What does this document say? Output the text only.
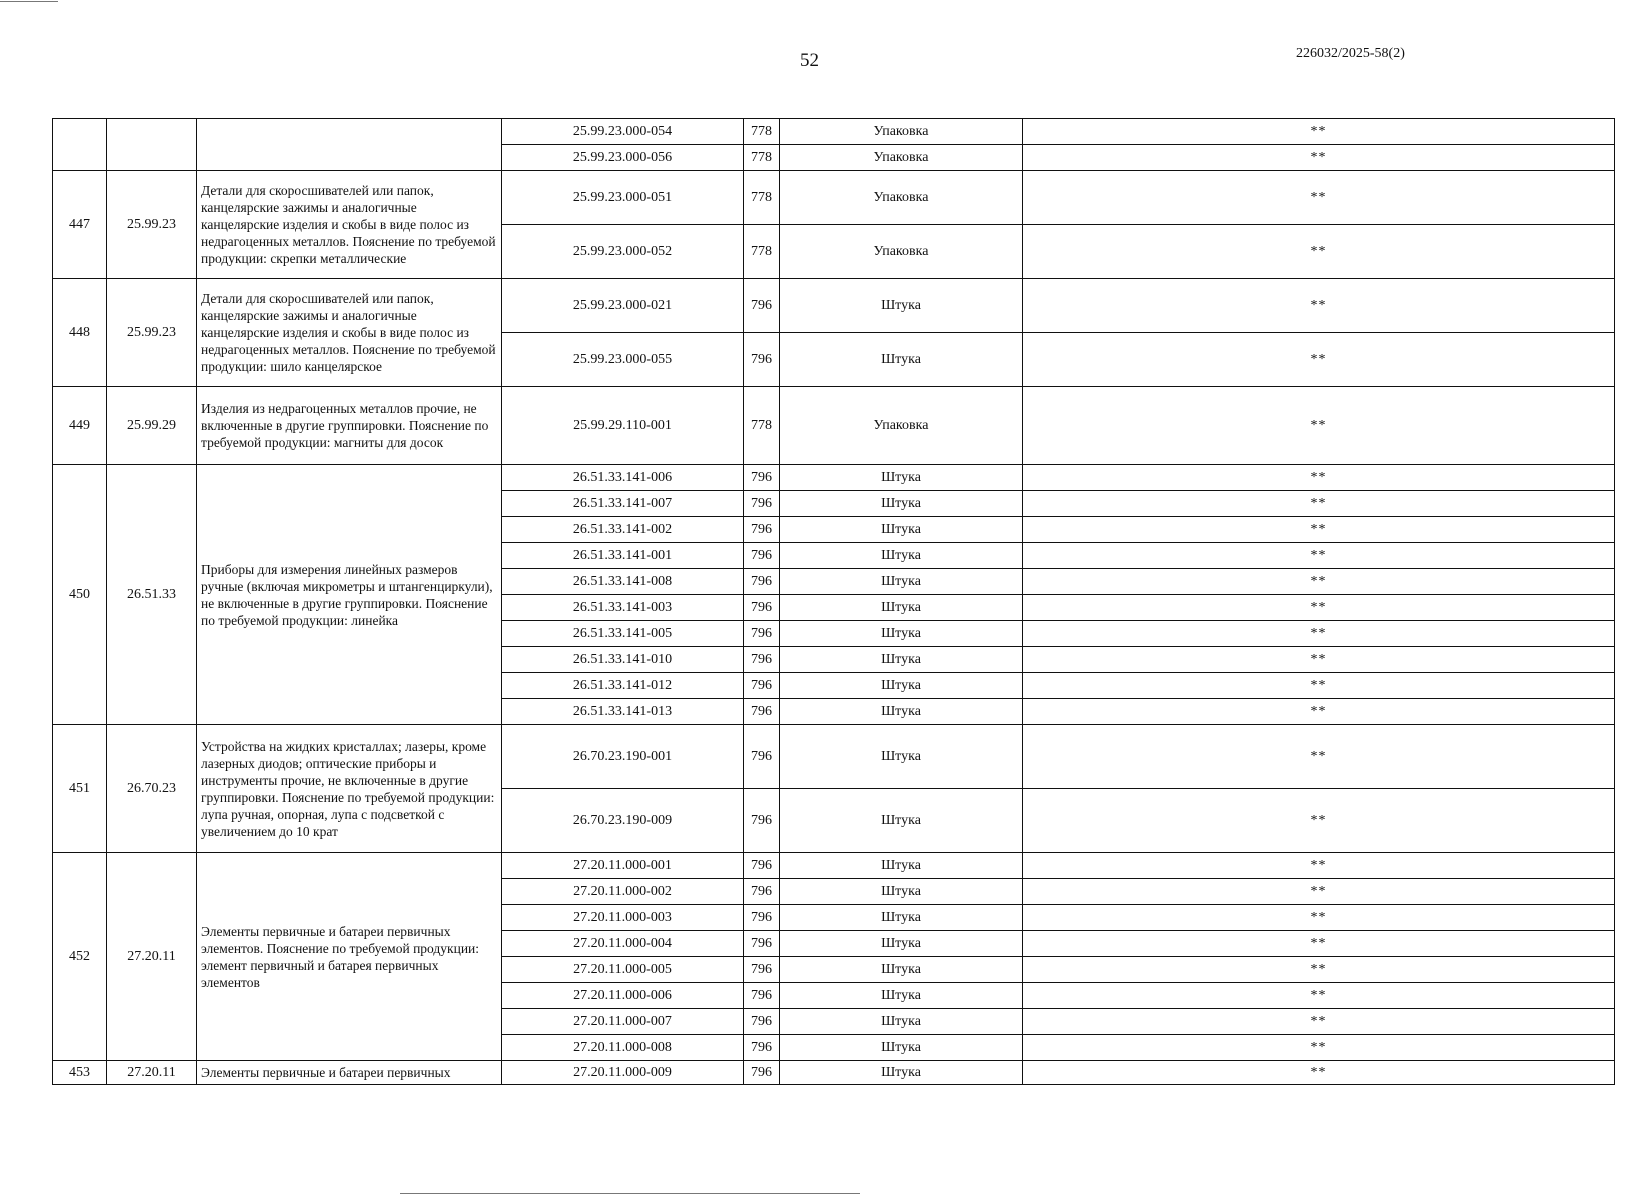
52	226032/2025-58(2)
			25.99.23.000-054	778	Упаковка	**
			25.99.23.000-056	778	Упаковка	**
447	25.99.23	Детали для скоросшивателей или папок, канцелярские зажимы и аналогичные канцелярские изделия и скобы в виде полос из недрагоценных металлов. Пояснение по требуемой продукции: скрепки металлические	25.99.23.000-051	778	Упаковка	**
			25.99.23.000-052	778	Упаковка	**
448	25.99.23	Детали для скоросшивателей или папок, канцелярские зажимы и аналогичные канцелярские изделия и скобы в виде полос из недрагоценных металлов. Пояснение по требуемой продукции: шило канцелярское	25.99.23.000-021	796	Штука	**
			25.99.23.000-055	796	Штука	**
449	25.99.29	Изделия из недрагоценных металлов прочие, не включенные в другие группировки. Пояснение по требуемой продукции: магниты для досок	25.99.29.110-001	778	Упаковка	**
450	26.51.33	Приборы для измерения линейных размеров ручные (включая микрометры и штангенциркули), не включенные в другие группировки. Пояснение по требуемой продукции: линейка	26.51.33.141-006	796	Штука	**
			26.51.33.141-007	796	Штука	**
			26.51.33.141-002	796	Штука	**
			26.51.33.141-001	796	Штука	**
			26.51.33.141-008	796	Штука	**
			26.51.33.141-003	796	Штука	**
			26.51.33.141-005	796	Штука	**
			26.51.33.141-010	796	Штука	**
			26.51.33.141-012	796	Штука	**
			26.51.33.141-013	796	Штука	**
451	26.70.23	Устройства на жидких кристаллах; лазеры, кроме лазерных диодов; оптические приборы и инструменты прочие, не включенные в другие группировки. Пояснение по требуемой продукции: лупа ручная, опорная, лупа с подсветкой с увеличением до 10 крат	26.70.23.190-001	796	Штука	**
			26.70.23.190-009	796	Штука	**
452	27.20.11	Элементы первичные и батареи первичных элементов. Пояснение по требуемой продукции: элемент первичный и батарея первичных элементов	27.20.11.000-001	796	Штука	**
			27.20.11.000-002	796	Штука	**
			27.20.11.000-003	796	Штука	**
			27.20.11.000-004	796	Штука	**
			27.20.11.000-005	796	Штука	**
			27.20.11.000-006	796	Штука	**
			27.20.11.000-007	796	Штука	**
			27.20.11.000-008	796	Штука	**
453	27.20.11	Элементы первичные и батареи первичных	27.20.11.000-009	796	Штука	**
